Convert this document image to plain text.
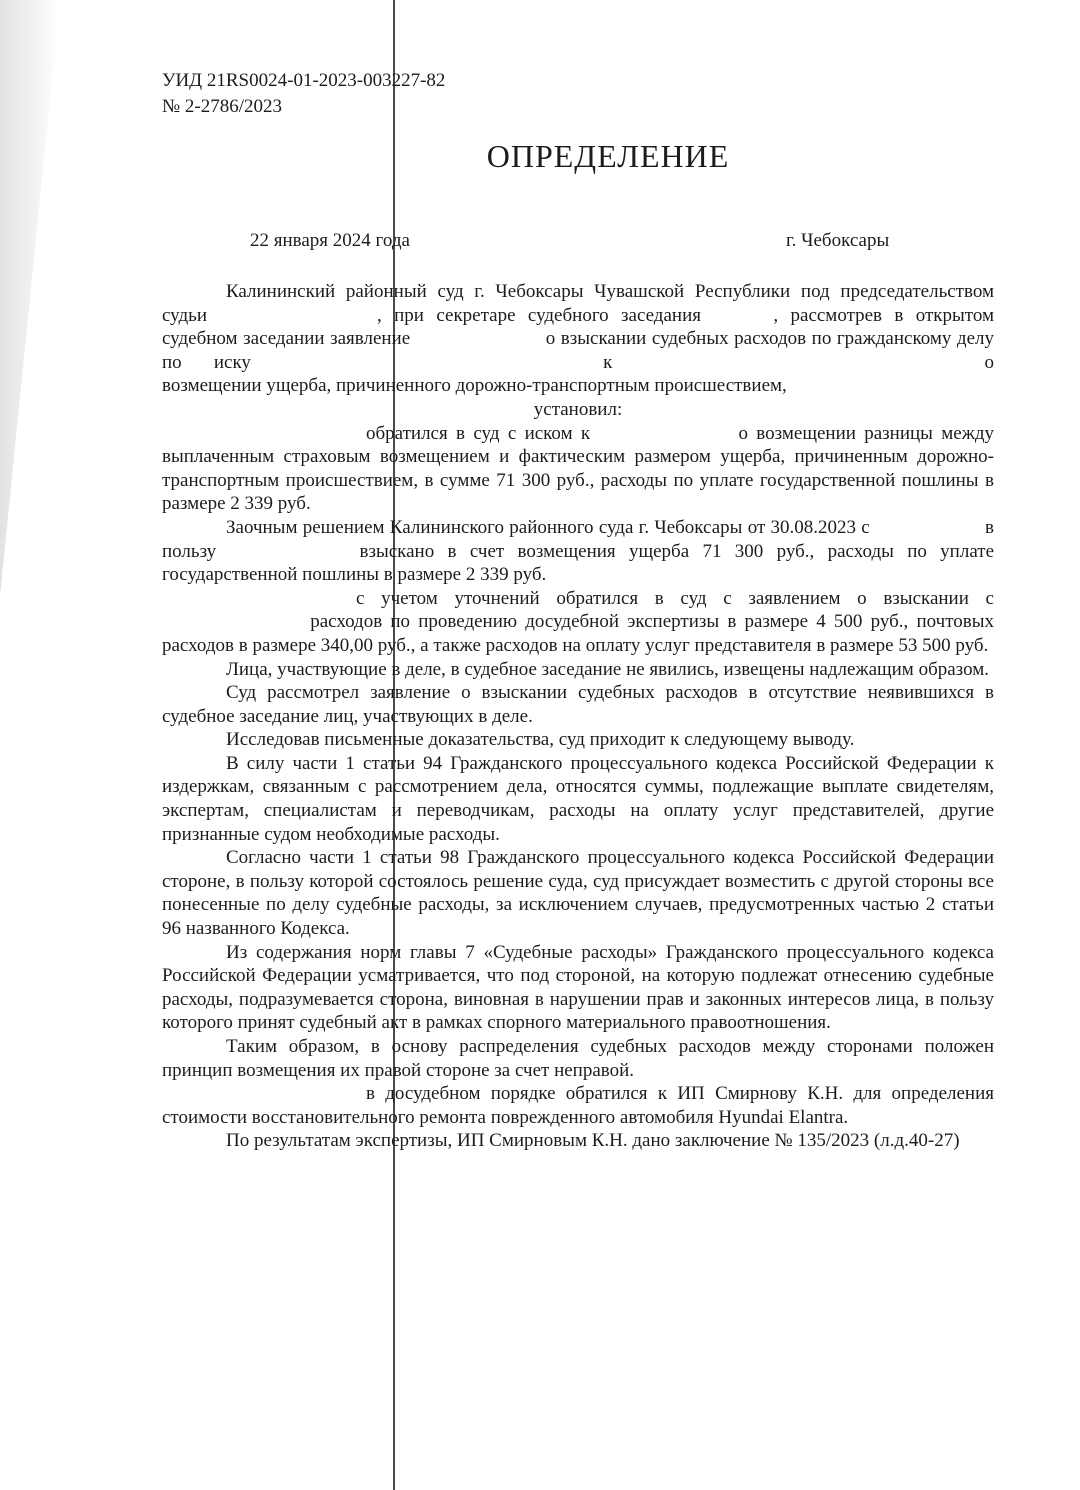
УИД 21RS0024-01-2023-003227-82
№ 2-2786/2023
ОПРЕДЕЛЕНИЕ
22 января 2024 года	г. Чебоксары

Калининский районный суд г. Чебоксары Чувашской Республики под председательством судьи	, при секретаре судебного заседания	, рассмотрев в открытом судебном заседании заявление	о взыскании судебных расходов по гражданскому делу по иску	к	о возмещении ущерба, причиненного дорожно-транспортным происшествием,

установил:

обратился в суд с иском к	о возмещении разницы между выплаченным страховым возмещением и фактическим размером ущерба, причиненным дорожно-транспортным происшествием, в сумме 71 300 руб., расходы по уплате государственной пошлины в размере 2 339 руб.

Заочным решением Калининского районного суда г. Чебоксары от 30.08.2023 с	в пользу	взыскано в счет возмещения ущерба 71 300 руб., расходы по уплате государственной пошлины в размере 2 339 руб.

с учетом уточнений обратился в суд с заявлением о взыскании с расходов по проведению досудебной экспертизы в размере 4 500 руб., почтовых расходов в размере 340,00 руб., а также расходов на оплату услуг представителя в размере 53 500 руб.

Лица, участвующие в деле, в судебное заседание не явились, извещены надлежащим образом.

Суд рассмотрел заявление о взыскании судебных расходов в отсутствие неявившихся в судебное заседание лиц, участвующих в деле.

Исследовав письменные доказательства, суд приходит к следующему выводу.

В силу части 1 статьи 94 Гражданского процессуального кодекса Российской Федерации к издержкам, связанным с рассмотрением дела, относятся суммы, подлежащие выплате свидетелям, экспертам, специалистам и переводчикам, расходы на оплату услуг представителей, другие признанные судом необходимые расходы.

Согласно части 1 статьи 98 Гражданского процессуального кодекса Российской Федерации стороне, в пользу которой состоялось решение суда, суд присуждает возместить с другой стороны все понесенные по делу судебные расходы, за исключением случаев, предусмотренных частью 2 статьи 96 названного Кодекса.

Из содержания норм главы 7 «Судебные расходы» Гражданского процессуального кодекса Российской Федерации усматривается, что под стороной, на которую подлежат отнесению судебные расходы, подразумевается сторона, виновная в нарушении прав и законных интересов лица, в пользу которого принят судебный акт в рамках спорного материального правоотношения.

Таким образом, в основу распределения судебных расходов между сторонами положен принцип возмещения их правой стороне за счет неправой.

в досудебном порядке обратился к ИП Смирнову К.Н. для определения стоимости восстановительного ремонта поврежденного автомобиля Hyundai Elantra.

По результатам экспертизы, ИП Смирновым К.Н. дано заключение № 135/2023 (л.д.40-27)
